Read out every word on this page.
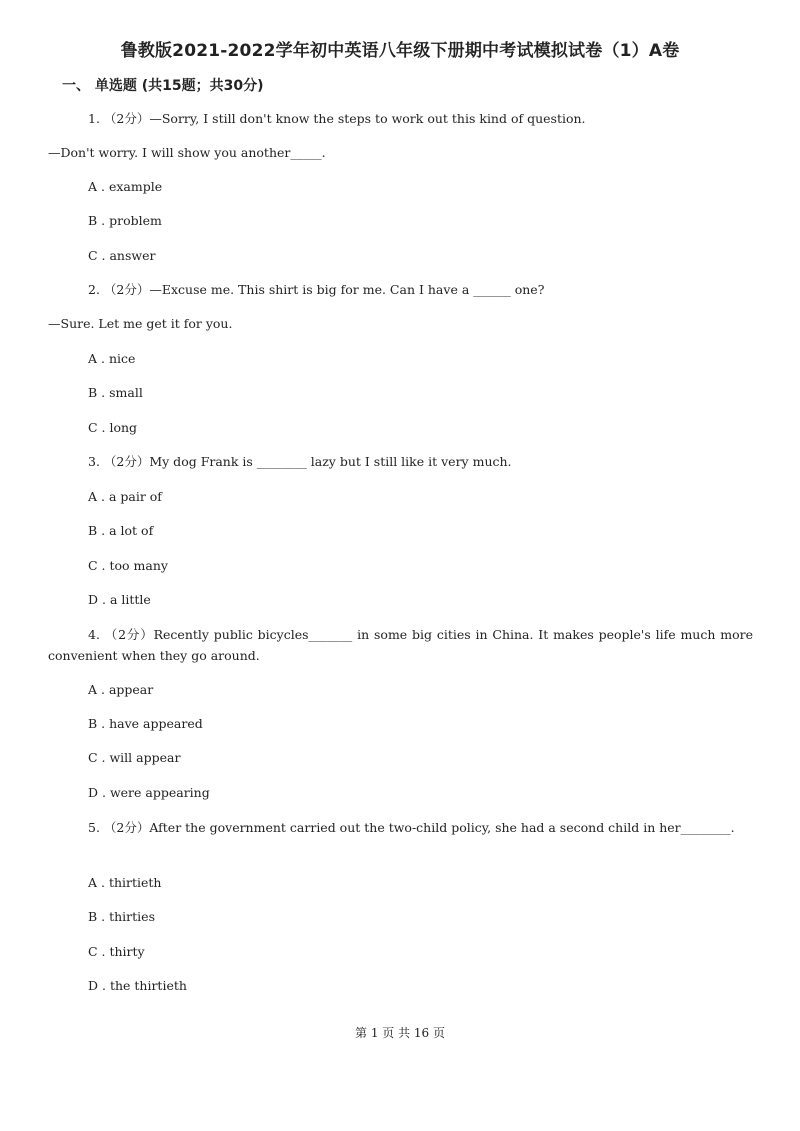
鲁教版2021-2022学年初中英语八年级下册期中考试模拟试卷（1）A卷
一、 单选题 (共15题；共30分)
1. （2分）—Sorry, I still don't know the steps to work out this kind of question.
—Don't worry. I will show you another_____.
A . example
B . problem
C . answer
2. （2分）—Excuse me. This shirt is big for me. Can I have a ______ one?
—Sure. Let me get it for you.
A . nice
B . small
C . long
3. （2分）My dog Frank is ________ lazy but I still like it very much.
A . a pair of
B . a lot of
C . too many
D . a little
4. （2分）Recently public bicycles_______ in some big cities in China. It makes people's life much more convenient when they go around.
A . appear
B . have appeared
C . will appear
D . were appearing
5. （2分）After the government carried out the two-child policy, she had a second child in her________.
A . thirtieth
B . thirties
C . thirty
D . the thirtieth
第 1 页 共 16 页
